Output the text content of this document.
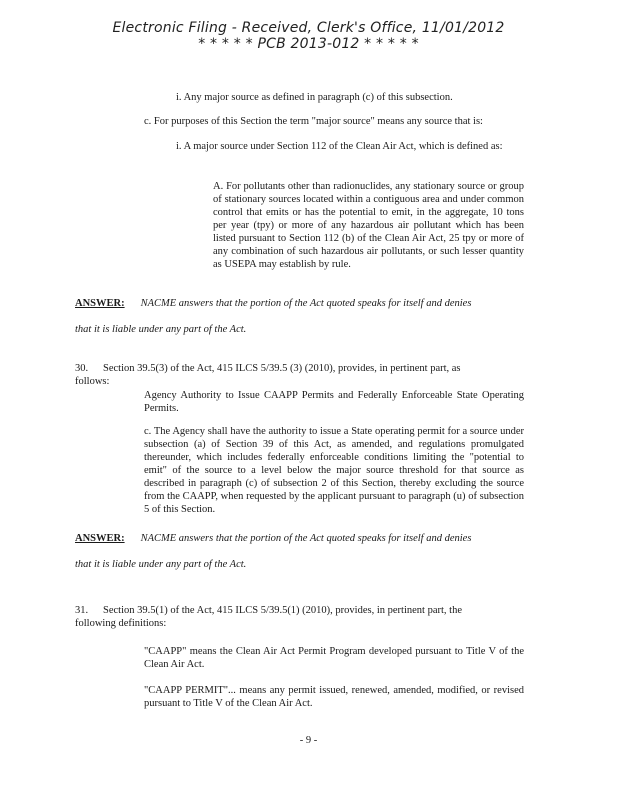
Electronic Filing - Received, Clerk's Office, 11/01/2012
* * * * * PCB 2013-012 * * * * *
i. Any major source as defined in paragraph (c) of this subsection.
c. For purposes of this Section the term "major source" means any source that is:
i. A major source under Section 112 of the Clean Air Act, which is defined as:
A. For pollutants other than radionuclides, any stationary source or group of stationary sources located within a contiguous area and under common control that emits or has the potential to emit, in the aggregate, 10 tons per year (tpy) or more of any hazardous air pollutant which has been listed pursuant to Section 112 (b) of the Clean Air Act, 25 tpy or more of any combination of such hazardous air pollutants, or such lesser quantity as USEPA may establish by rule.
ANSWER: NACME answers that the portion of the Act quoted speaks for itself and denies
that it is liable under any part of the Act.
30. Section 39.5(3) of the Act, 415 ILCS 5/39.5 (3) (2010), provides, in pertinent part, as
follows:
Agency Authority to Issue CAAPP Permits and Federally Enforceable State Operating Permits.
c. The Agency shall have the authority to issue a State operating permit for a source under subsection (a) of Section 39 of this Act, as amended, and regulations promulgated thereunder, which includes federally enforceable conditions limiting the "potential to emit" of the source to a level below the major source threshold for that source as described in paragraph (c) of subsection 2 of this Section, thereby excluding the source from the CAAPP, when requested by the applicant pursuant to paragraph (u) of subsection 5 of this Section.
ANSWER: NACME answers that the portion of the Act quoted speaks for itself and denies
that it is liable under any part of the Act.
31. Section 39.5(1) of the Act, 415 ILCS 5/39.5(1) (2010), provides, in pertinent part, the
following definitions:
"CAAPP" means the Clean Air Act Permit Program developed pursuant to Title V of the Clean Air Act.
"CAAPP PERMIT"... means any permit issued, renewed, amended, modified, or revised pursuant to Title V of the Clean Air Act.
- 9 -
